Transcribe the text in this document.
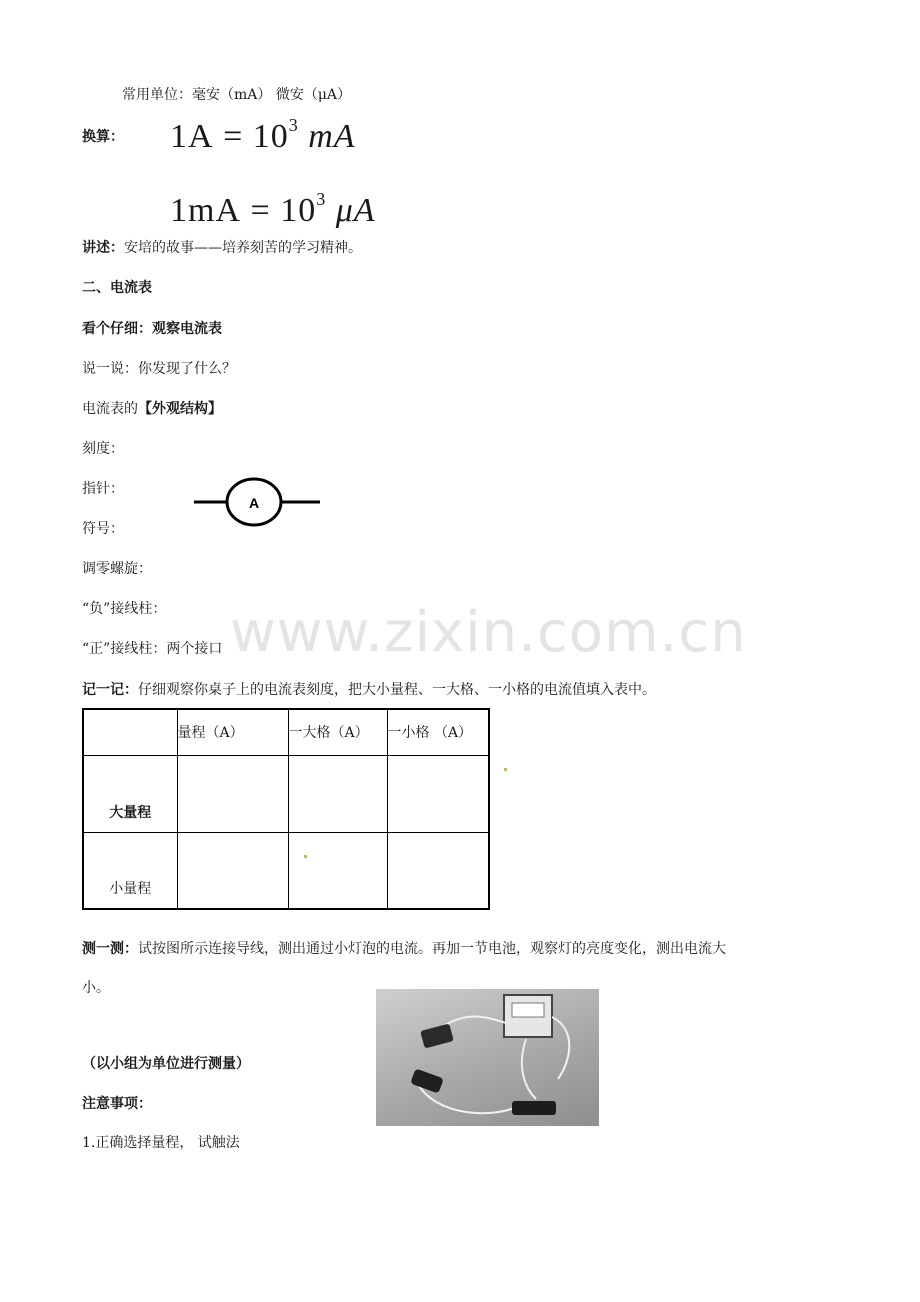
www.zixin.com.cn
常用单位：毫安（mA） 微安（μA）
换算： $1A = 10^3$ mA
$1mA = 10^3$ μA
讲述：安培的故事——培养刻苦的学习精神。
二、电流表
看个仔细：观察电流表
说一说：你发现了什么？
电流表的【外观结构】
刻度：
指针：
符号：
A
调零螺旋：
“负”接线柱：
“正”接线柱：两个接口
记一记：仔细观察你桌子上的电流表刻度，把大小量程、一大格、一小格的电流值填入表中。
	量程（A）	一大格（A）	一小格 （A）
大量程			
小量程			
测一测：试按图所示连接导线，测出通过小灯泡的电流。再加一节电池，观察灯的亮度变化，测出电流大
小。
（以小组为单位进行测量）
注意事项：
1.正确选择量程， 试触法
